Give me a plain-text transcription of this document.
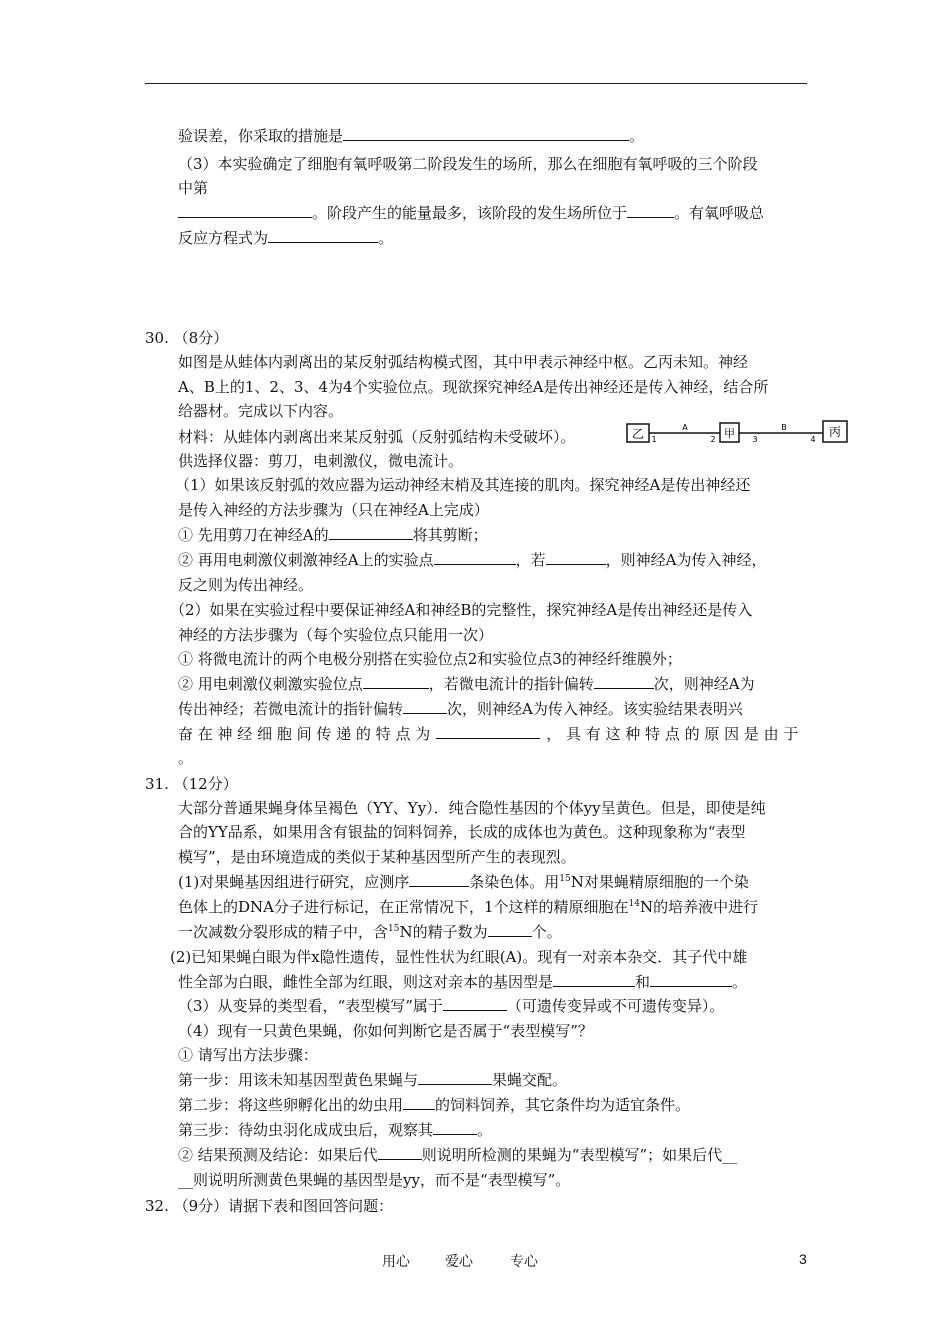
验误差，你采取的措施是	。
（3）本实验确定了细胞有氧呼吸第二阶段发生的场所，那么在细胞有氧呼吸的三个阶段
中第
。阶段产生的能量最多，该阶段的发生场所位于	。有氧呼吸总
反应方程式为	。
30. （8分）
如图是从蛙体内剥离出的某反射弧结构模式图，其中甲表示神经中枢。乙丙未知。神经
A、B上的1、2、3、4为4个实验位点。现欲探究神经A是传出神经还是传入神经，结合所
给器材。完成以下内容。
材料：从蛙体内剥离出来某反射弧（反射弧结构未受破坏）。	乙	甲	丙
A	B
1	2	3	4
供选择仪器：剪刀，电刺激仪，微电流计。
（1）如果该反射弧的效应器为运动神经末梢及其连接的肌肉。探究神经A是传出神经还
是传入神经的方法步骤为（只在神经A上完成）
① 先用剪刀在神经A的	将其剪断；
② 再用电刺激仪刺激神经A上的实验点	，若	，则神经A为传入神经，
反之则为传出神经。
（2）如果在实验过程中要保证神经A和神经B的完整性，探究神经A是传出神经还是传入
神经的方法步骤为（每个实验位点只能用一次）
① 将微电流计的两个电极分别搭在实验位点2和实验位点3的神经纤维膜外；
② 用电刺激仪刺激实验位点	，若微电流计的指针偏转	次，则神经A为
传出神经；若微电流计的指针偏转	次，则神经A为传入神经。该实验结果表明兴
奋 在 神 经 细 胞 间 传 递 的 特 点 为	， 具 有 这 种 特 点 的 原 因 是 由 于
。
31. （12分）
大部分普通果蝇身体呈褐色（YY、Yy）．纯合隐性基因的个体yy呈黄色。但是，即使是纯
合的YY品系，如果用含有银盐的饲料饲养，长成的成体也为黄色。这种现象称为“表型
模写”，是由环境造成的类似于某种基因型所产生的表现烈。
(1)对果蝇基因组进行研究，应测序	条染色体。用$^{15}$N对果蝇精原细胞的一个染
色体上的DNA分子进行标记，在正常情况下，1个这样的精原细胞在$^{14}$N的培养液中进行
一次减数分裂形成的精子中，含$^{15}$N的精子数为	个。
(2)已知果蝇白眼为伴x隐性遗传，显性性状为红眼(A)。现有一对亲本杂交．其子代中雄
性全部为白眼，雌性全部为红眼，则这对亲本的基因型是	和	。
（3）从变异的类型看，“表型模写”属于	（可遗传变异或不可遗传变异）。
（4）现有一只黄色果蝇，你如何判断它是否属于“表型模写”？
① 请写出方法步骤：
第一步：用该未知基因型黄色果蝇与	果蝇交配。
第二步：将这些卵孵化出的幼虫用 的饲料饲养，其它条件均为适宜条件。
第三步：待幼虫羽化成成虫后，观察其	。
② 结果预测及结论：如果后代	则说明所检测的果蝇为“表型模写”；如果后代__
__则说明所测黄色果蝇的基因型是yy，而不是“表型模写”。
32. （9分）请据下表和图回答问题：
用心	爱心	专心	3
